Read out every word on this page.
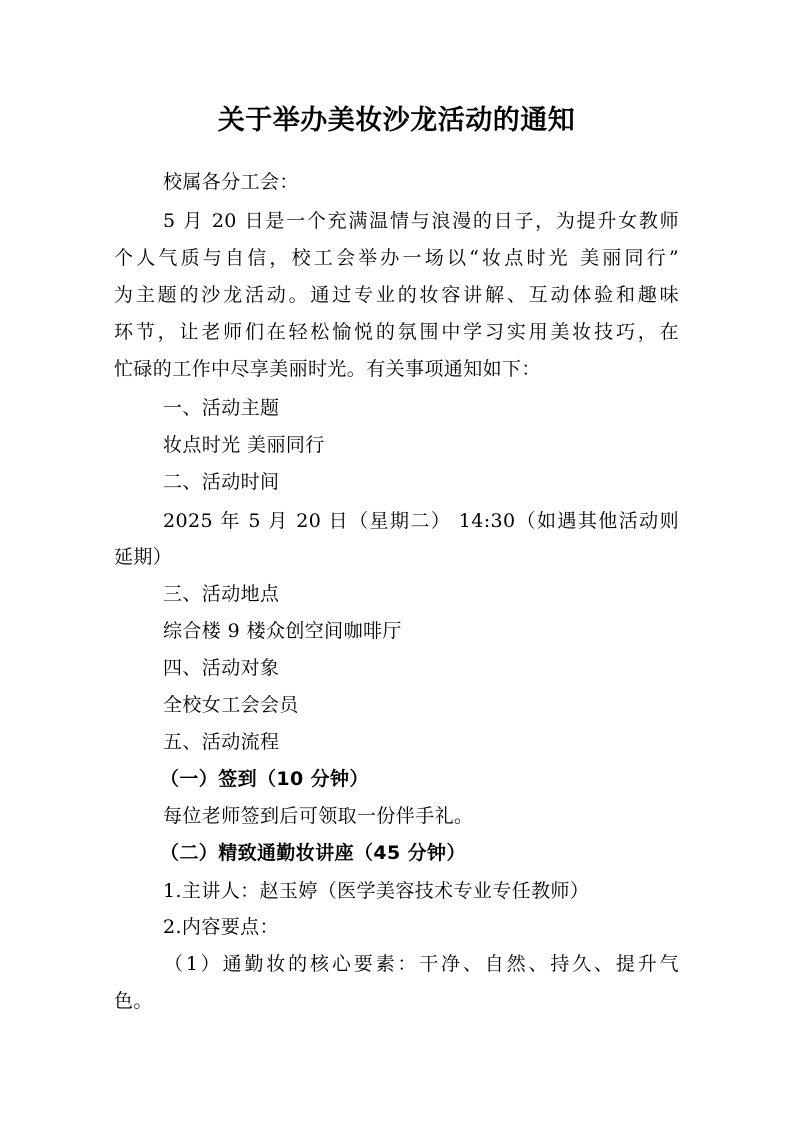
关于举办美妆沙龙活动的通知
校属各分工会：
5 月 20 日是一个充满温情与浪漫的日子，为提升女教师
个人气质与自信，校工会举办一场以“妆点时光 美丽同行”
为主题的沙龙活动。通过专业的妆容讲解、互动体验和趣味
环节，让老师们在轻松愉悦的氛围中学习实用美妆技巧，在
忙碌的工作中尽享美丽时光。有关事项通知如下：
一、活动主题
妆点时光 美丽同行
二、活动时间
2025 年 5 月 20 日（星期二） 14:30（如遇其他活动则
延期）
三、活动地点
综合楼 9 楼众创空间咖啡厅
四、活动对象
全校女工会会员
五、活动流程
（一）签到（10 分钟）
每位老师签到后可领取一份伴手礼。
（二）精致通勤妆讲座（45 分钟）
1.主讲人：赵玉婷（医学美容技术专业专任教师）
2.内容要点：
（1）通勤妆的核心要素：干净、自然、持久、提升气
色。
